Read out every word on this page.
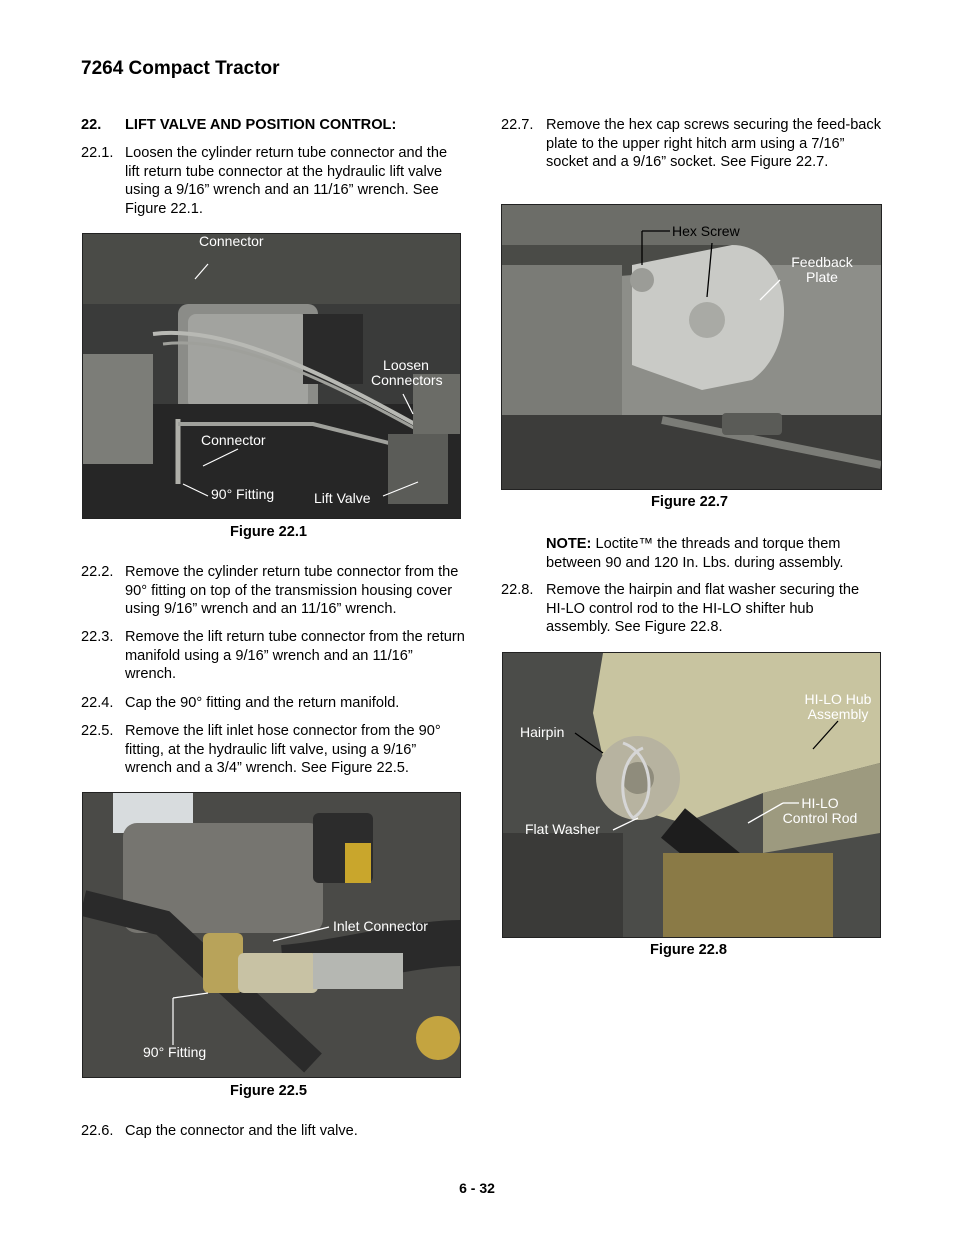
7264 Compact Tractor
22. LIFT VALVE AND POSITION CONTROL:
22.1. Loosen the cylinder return tube connector and the lift return tube connector at the hydraulic lift valve using a 9/16” wrench and an 11/16” wrench. See Figure 22.1.
Connector
Loosen Connectors
Connector
90° Fitting	Lift Valve
Figure 22.1
22.2. Remove the cylinder return tube connector from the 90° fitting on top of the transmission housing cover using 9/16” wrench and an 11/16” wrench.
22.3. Remove the lift return tube connector from the return manifold using a 9/16” wrench and an 11/16” wrench.
22.4. Cap the 90° fitting and the return manifold.
22.5. Remove the lift inlet hose connector from the 90° fitting, at the hydraulic lift valve, using a 9/16” wrench and a 3/4” wrench. See Figure 22.5.
Inlet Connector
90° Fitting
Figure 22.5
22.6. Cap the connector and the lift valve.
22.7. Remove the hex cap screws securing the feed-back plate to the upper right hitch arm using a 7/16” socket and a 9/16” socket. See Figure 22.7.
Hex Screw
Feedback Plate
Figure 22.7
NOTE: Loctite™ the threads and torque them between 90 and 120 In. Lbs. during assembly.
22.8. Remove the hairpin and flat washer securing the HI-LO control rod to the HI-LO shifter hub assembly. See Figure 22.8.
HI-LO Hub Assembly
Hairpin
HI-LO Control Rod
Flat Washer
Figure 22.8
6 - 32
